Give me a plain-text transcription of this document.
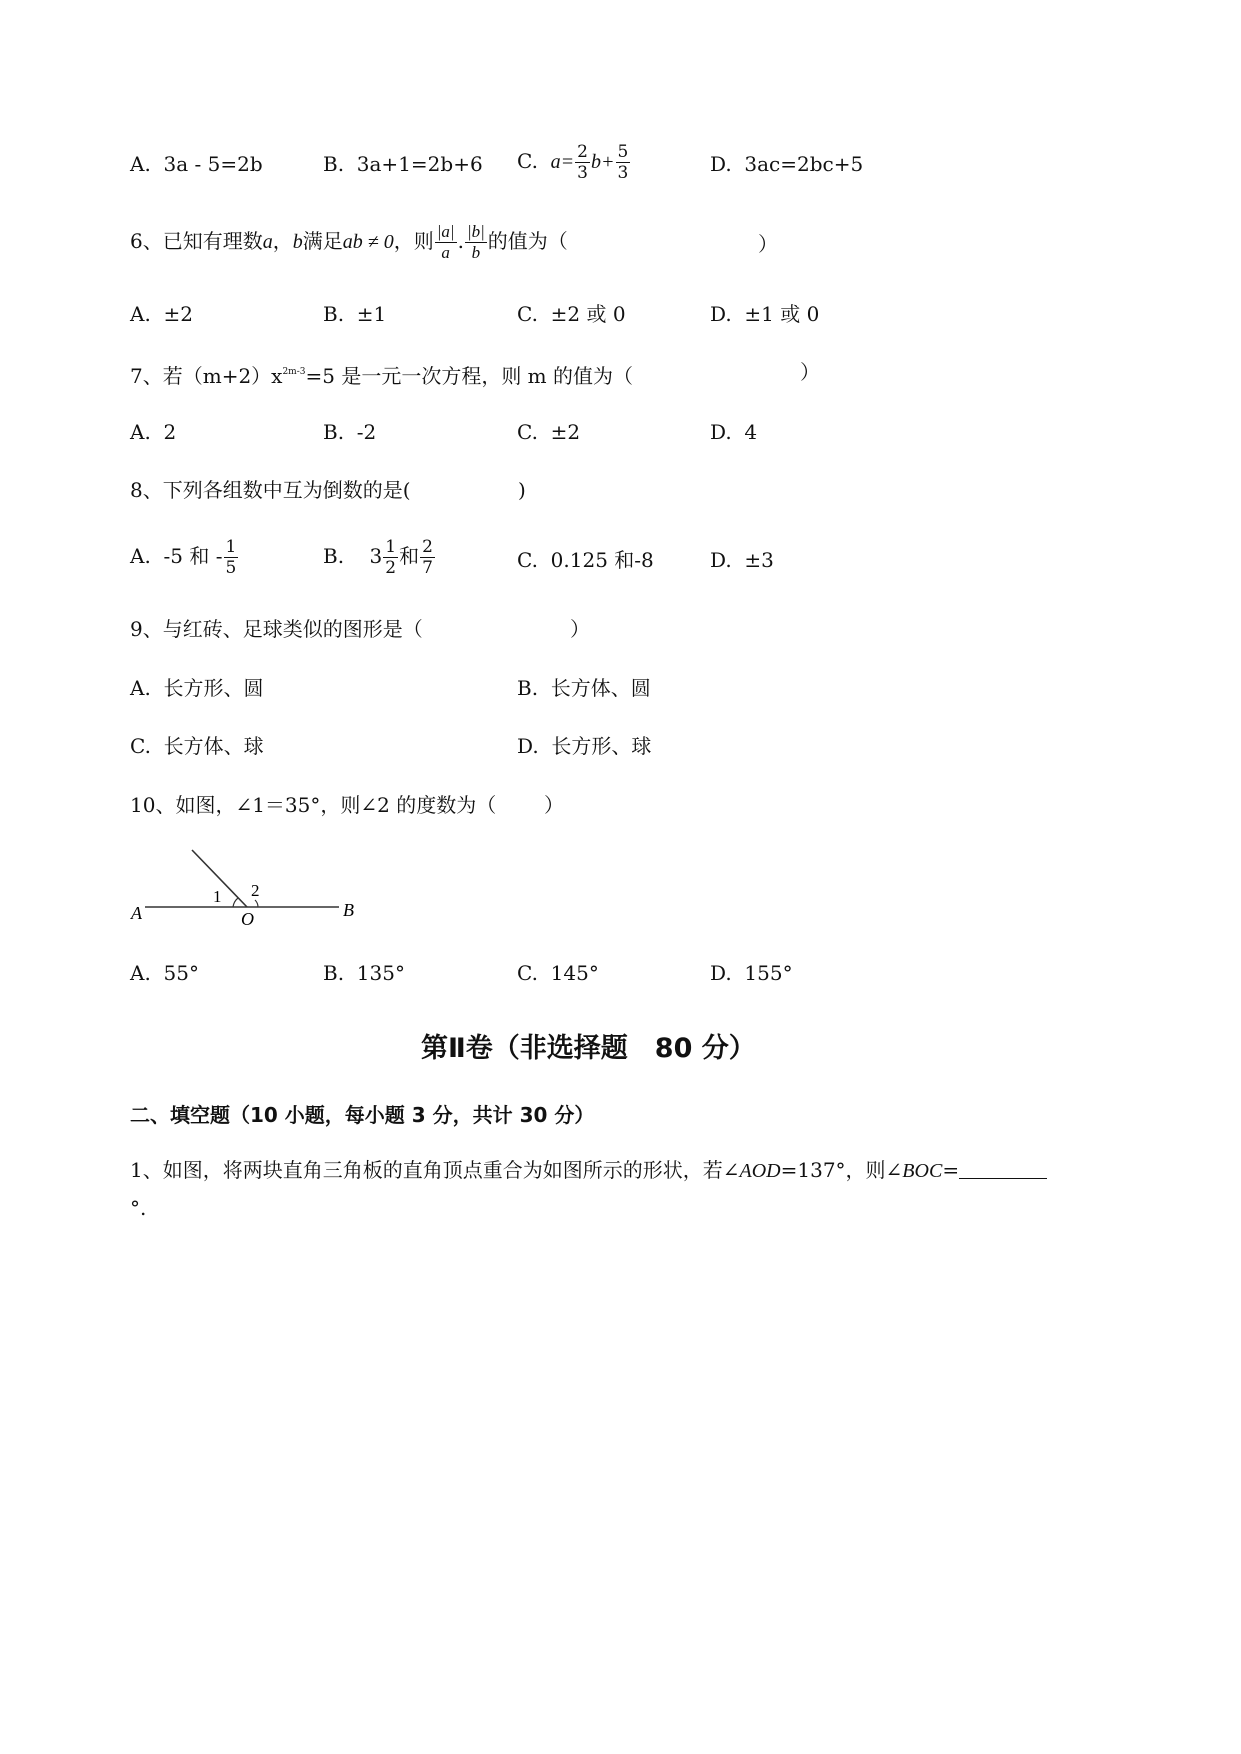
A. 3a - 5=2b	B. 3a+1=2b+6 C. $a= \frac{2}{3} b+ \frac{5}{3}$	D. 3ac=2bc+5
6、已知有理数a，b满足ab ≠ 0，则 $\frac{|a|}{a}$ . $\frac{|b|}{b}$ 的值为（	）
A. ±2	B. ±1	C. ±2 或 0	D. ±1 或 0
7、若$(m+2)x^{2m-3}=5$ 是一元一次方程，则 m 的值为（	）
A. 2	B. -2	C. ±2	D. 4
8、下列各组数中互为倒数的是(	)
A. -5 和 - $\frac{1}{5}$	B. $3 \frac{1}{2}$ 和 $\frac{2}{7}$	C. 0.125 和-8	D. ±3
9、与红砖、足球类似的图形是（	）
A. 长方形、圆	B. 长方体、圆
C. 长方体、球	D. 长方形、球
10、如图，∠1＝35°，则∠2 的度数为（ ）
A	O	B
1 2
A. 55°	B. 135°	C. 145°	D. 155°
第Ⅱ卷（非选择题　80 分）
二、填空题（10 小题，每小题 3 分，共计 30 分）
1、如图，将两块直角三角板的直角顶点重合为如图所示的形状，若∠AOD=137°，则∠BOC=
°.
